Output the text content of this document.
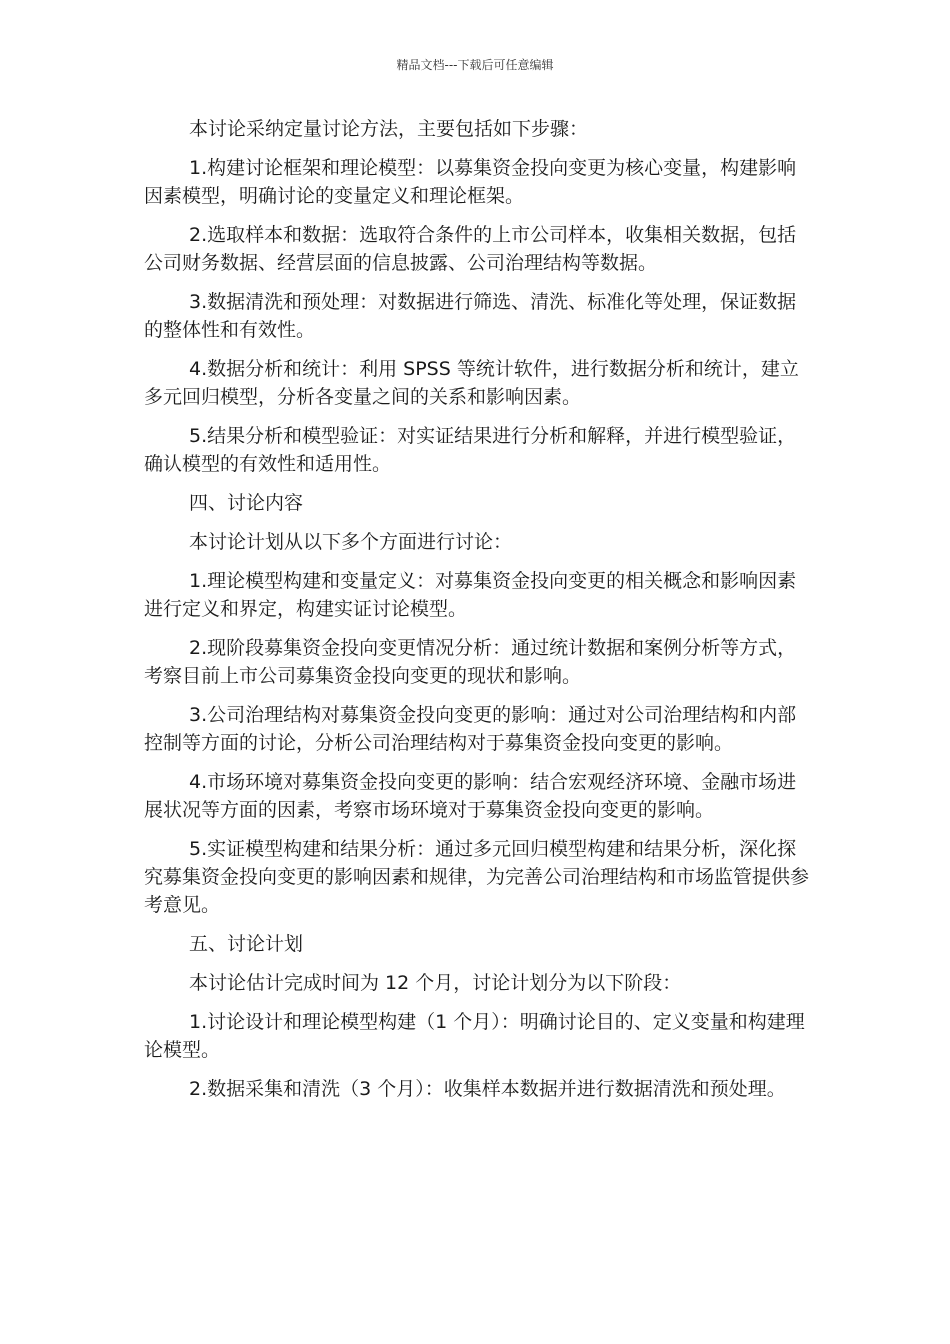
精品文档---下载后可任意编辑

本讨论采纳定量讨论方法，主要包括如下步骤：

1.构建讨论框架和理论模型：以募集资金投向变更为核心变量，构建影响因素模型，明确讨论的变量定义和理论框架。

2.选取样本和数据：选取符合条件的上市公司样本，收集相关数据，包括公司财务数据、经营层面的信息披露、公司治理结构等数据。

3.数据清洗和预处理：对数据进行筛选、清洗、标准化等处理，保证数据的整体性和有效性。

4.数据分析和统计：利用 SPSS 等统计软件，进行数据分析和统计，建立多元回归模型，分析各变量之间的关系和影响因素。

5.结果分析和模型验证：对实证结果进行分析和解释，并进行模型验证，确认模型的有效性和适用性。

四、讨论内容

本讨论计划从以下多个方面进行讨论：

1.理论模型构建和变量定义：对募集资金投向变更的相关概念和影响因素进行定义和界定，构建实证讨论模型。

2.现阶段募集资金投向变更情况分析：通过统计数据和案例分析等方式，考察目前上市公司募集资金投向变更的现状和影响。

3.公司治理结构对募集资金投向变更的影响：通过对公司治理结构和内部控制等方面的讨论，分析公司治理结构对于募集资金投向变更的影响。

4.市场环境对募集资金投向变更的影响：结合宏观经济环境、金融市场进展状况等方面的因素，考察市场环境对于募集资金投向变更的影响。

5.实证模型构建和结果分析：通过多元回归模型构建和结果分析，深化探究募集资金投向变更的影响因素和规律，为完善公司治理结构和市场监管提供参考意见。

五、讨论计划

本讨论估计完成时间为 12 个月，讨论计划分为以下阶段：

1.讨论设计和理论模型构建（1 个月）：明确讨论目的、定义变量和构建理论模型。

2.数据采集和清洗（3 个月）：收集样本数据并进行数据清洗和预处理。
